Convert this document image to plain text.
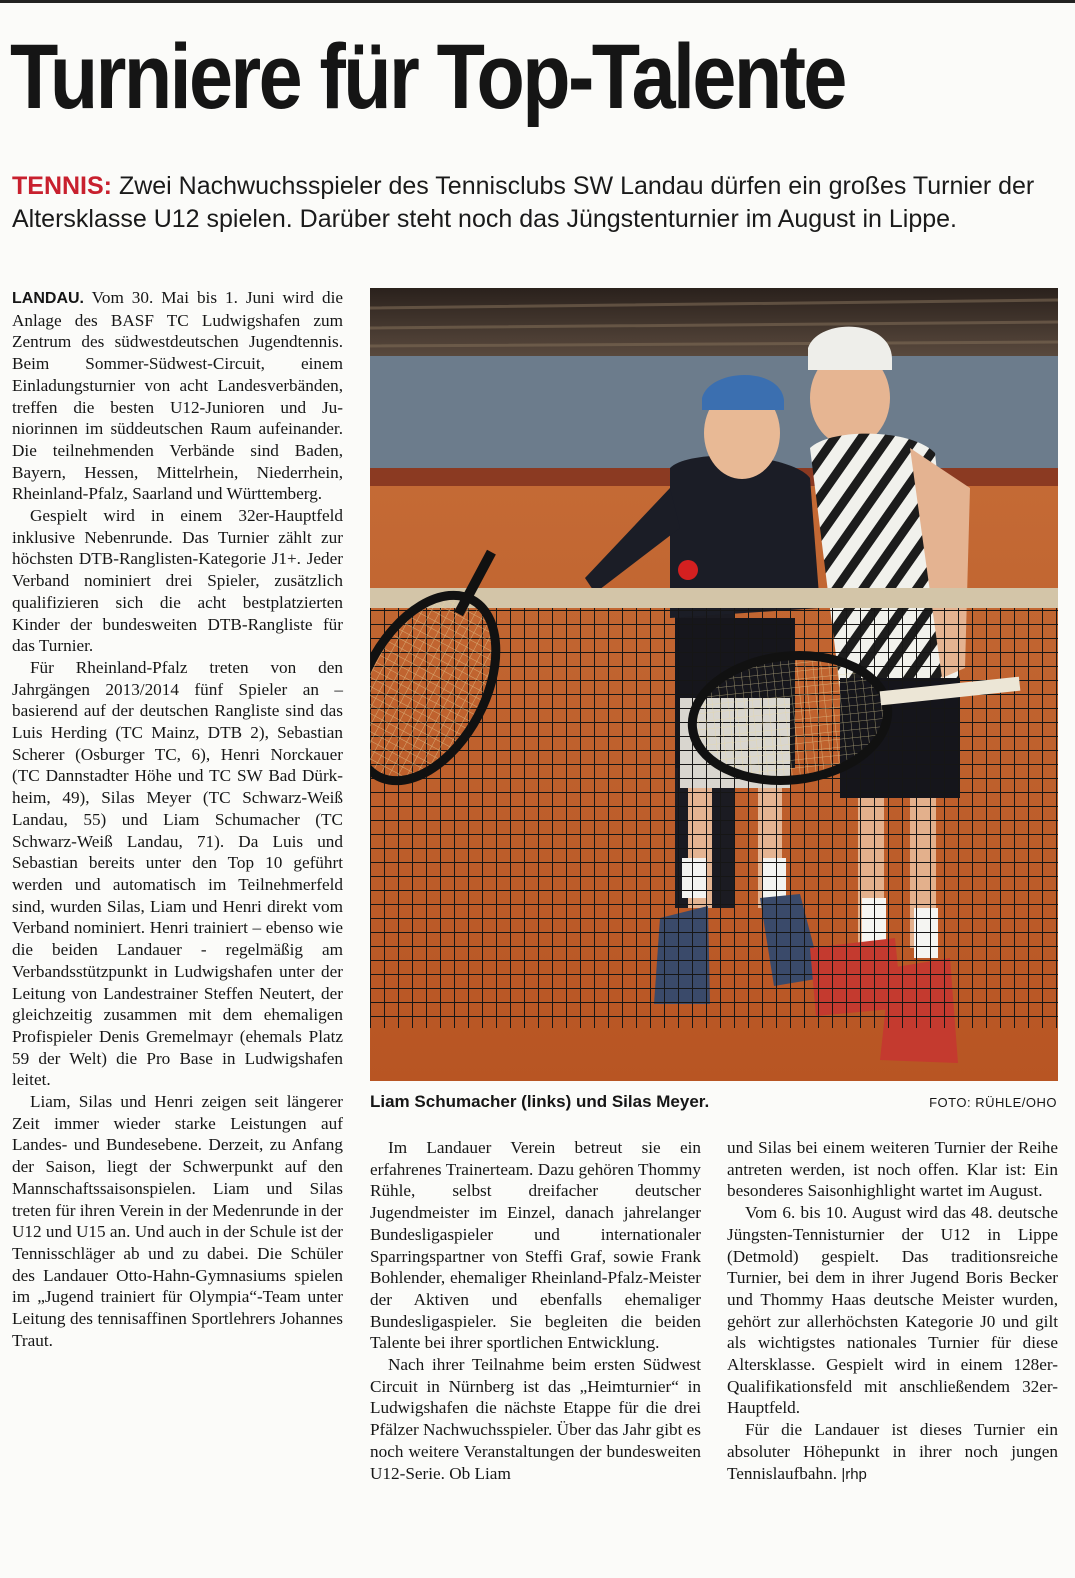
Turniere für Top-Talente
TENNIS: Zwei Nachwuchsspieler des Tennisclubs SW Landau dürfen ein großes Turnier der Altersklasse U12 spielen. Darüber steht noch das Jüngstenturnier im August in Lippe.

LANDAU. Vom 30. Mai bis 1. Juni wird die Anlage des BASF TC Ludwigshafen zum Zentrum des südwestdeutschen Jugendtennis. Beim Sommer-Südwest-Circuit, einem Einladungsturnier von acht Landesverbänden, treffen die besten U12-Junioren und Juniorinnen im süddeutschen Raum aufeinander. Die teilnehmenden Verbände sind Baden, Bayern, Hessen, Mittelrhein, Niederrhein, Rheinland-Pfalz, Saarland und Württemberg.

Gespielt wird in einem 32er-Hauptfeld inklusive Nebenrunde. Das Turnier zählt zur höchsten DTB-Ranglisten-Kategorie J1+. Jeder Verband nominiert drei Spieler, zusätzlich qualifizieren sich die acht bestplatzierten Kinder der bundesweiten DTB-Rangliste für das Turnier.

Für Rheinland-Pfalz treten von den Jahrgängen 2013/2014 fünf Spieler an – basierend auf der deutschen Rangliste sind das Luis Herding (TC Mainz, DTB 2), Sebastian Scherer (Osburger TC, 6), Henri Norckauer (TC Dannstadter Höhe und TC SW Bad Dürkheim, 49), Silas Meyer (TC Schwarz-Weiß Landau, 55) und Liam Schumacher (TC Schwarz-Weiß Landau, 71). Da Luis und Sebastian bereits unter den Top 10 geführt werden und automatisch im Teilnehmerfeld sind, wurden Silas, Liam und Henri direkt vom Verband nominiert. Henri trainiert – ebenso wie die beiden Landauer - regelmäßig am Verbandsstützpunkt in Ludwigshafen unter der Leitung von Landestrainer Steffen Neutert, der gleichzeitig zusammen mit dem ehemaligen Profispieler Denis Gremelmayr (ehemals Platz 59 der Welt) die Pro Base in Ludwigshafen leitet.

Liam, Silas und Henri zeigen seit längerer Zeit immer wieder starke Leistungen auf Landes- und Bundesebene. Derzeit, zu Anfang der Saison, liegt der Schwerpunkt auf den Mannschaftssaisonspielen. Liam und Silas treten für ihren Verein in der Medenrunde in der U12 und U15 an. Und auch in der Schule ist der Tennisschläger ab und zu dabei. Die Schüler des Landauer Otto-Hahn-Gymnasiums spielen im „Jugend trainiert für Olympia“-Team unter Leitung des tennisaffinen Sportlehrers Johannes Traut.

Liam Schumacher (links) und Silas Meyer.	FOTO: RÜHLE/OHO

Im Landauer Verein betreut sie ein erfahrenes Trainerteam. Dazu gehören Thommy Rühle, selbst dreifacher deutscher Jugendmeister im Einzel, danach jahrelanger Bundesligaspieler und internationaler Sparringspartner von Steffi Graf, sowie Frank Bohlender, ehemaliger Rheinland-Pfalz-Meister der Aktiven und ebenfalls ehemaliger Bundesligaspieler. Sie begleiten die beiden Talente bei ihrer sportlichen Entwicklung.

Nach ihrer Teilnahme beim ersten Südwest Circuit in Nürnberg ist das „Heimturnier“ in Ludwigshafen die nächste Etappe für die drei Pfälzer Nachwuchsspieler. Über das Jahr gibt es noch weitere Veranstaltungen der bundesweiten U12-Serie. Ob Liam

und Silas bei einem weiteren Turnier der Reihe antreten werden, ist noch offen. Klar ist: Ein besonderes Saisonhighlight wartet im August.

Vom 6. bis 10. August wird das 48. deutsche Jüngsten-Tennisturnier der U12 in Lippe (Detmold) gespielt. Das traditionsreiche Turnier, bei dem in ihrer Jugend Boris Becker und Thommy Haas deutsche Meister wurden, gehört zur allerhöchsten Kategorie J0 und gilt als wichtigstes nationales Turnier für diese Altersklasse. Gespielt wird in einem 128er-Qualifikationsfeld mit anschließendem 32er-Hauptfeld.

Für die Landauer ist dieses Turnier ein absoluter Höhepunkt in ihrer noch jungen Tennislaufbahn. |rhp
